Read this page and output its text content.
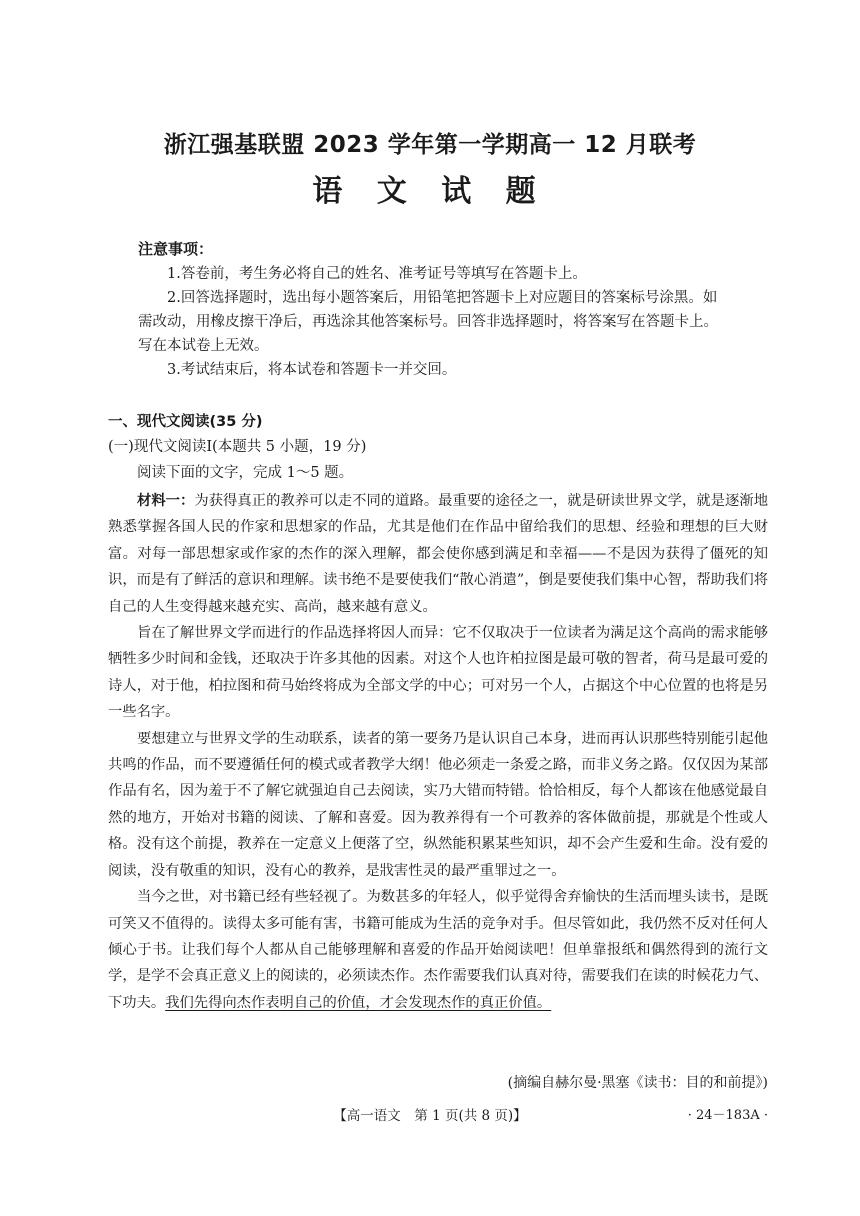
浙江强基联盟 2023 学年第一学期高一 12 月联考
语 文 试 题
注意事项：
1.答卷前，考生务必将自己的姓名、准考证号等填写在答题卡上。
2.回答选择题时，选出每小题答案后，用铅笔把答题卡上对应题目的答案标号涂黑。如需改动，用橡皮擦干净后，再选涂其他答案标号。回答非选择题时，将答案写在答题卡上。写在本试卷上无效。
3.考试结束后，将本试卷和答题卡一并交回。
一、现代文阅读(35 分)
(一)现代文阅读Ⅰ(本题共 5 小题，19 分)
阅读下面的文字，完成 1～5 题。

材料一：为获得真正的教养可以走不同的道路。最重要的途径之一，就是研读世界文学，就是逐渐地熟悉掌握各国人民的作家和思想家的作品，尤其是他们在作品中留给我们的思想、经验和理想的巨大财富。对每一部思想家或作家的杰作的深入理解，都会使你感到满足和幸福——不是因为获得了僵死的知识，而是有了鲜活的意识和理解。读书绝不是要使我们“散心消遣”，倒是要使我们集中心智，帮助我们将自己的人生变得越来越充实、高尚，越来越有意义。

旨在了解世界文学而进行的作品选择将因人而异：它不仅取决于一位读者为满足这个高尚的需求能够牺牲多少时间和金钱，还取决于许多其他的因素。对这个人也许柏拉图是最可敬的智者，荷马是最可爱的诗人，对于他，柏拉图和荷马始终将成为全部文学的中心；可对另一个人，占据这个中心位置的也将是另一些名字。

要想建立与世界文学的生动联系，读者的第一要务乃是认识自己本身，进而再认识那些特别能引起他共鸣的作品，而不要遵循任何的模式或者教学大纲！他必须走一条爱之路，而非义务之路。仅仅因为某部作品有名，因为羞于不了解它就强迫自己去阅读，实乃大错而特错。恰恰相反，每个人都该在他感觉最自然的地方，开始对书籍的阅读、了解和喜爱。因为教养得有一个可教养的客体做前提，那就是个性或人格。没有这个前提，教养在一定意义上便落了空，纵然能积累某些知识，却不会产生爱和生命。没有爱的阅读，没有敬重的知识，没有心的教养，是戕害性灵的最严重罪过之一。

当今之世，对书籍已经有些轻视了。为数甚多的年轻人，似乎觉得舍弃愉快的生活而埋头读书，是既可笑又不值得的。读得太多可能有害，书籍可能成为生活的竞争对手。但尽管如此，我仍然不反对任何人倾心于书。让我们每个人都从自己能够理解和喜爱的作品开始阅读吧！但单靠报纸和偶然得到的流行文学，是学不会真正意义上的阅读的，必须读杰作。杰作需要我们认真对待，需要我们在读的时候花力气、下功夫。我们先得向杰作表明自己的价值，才会发现杰作的真正价值。

(摘编自赫尔曼·黑塞《读书：目的和前提》)
【高一语文　第 1 页(共 8 页)】	· 24－183A ·
